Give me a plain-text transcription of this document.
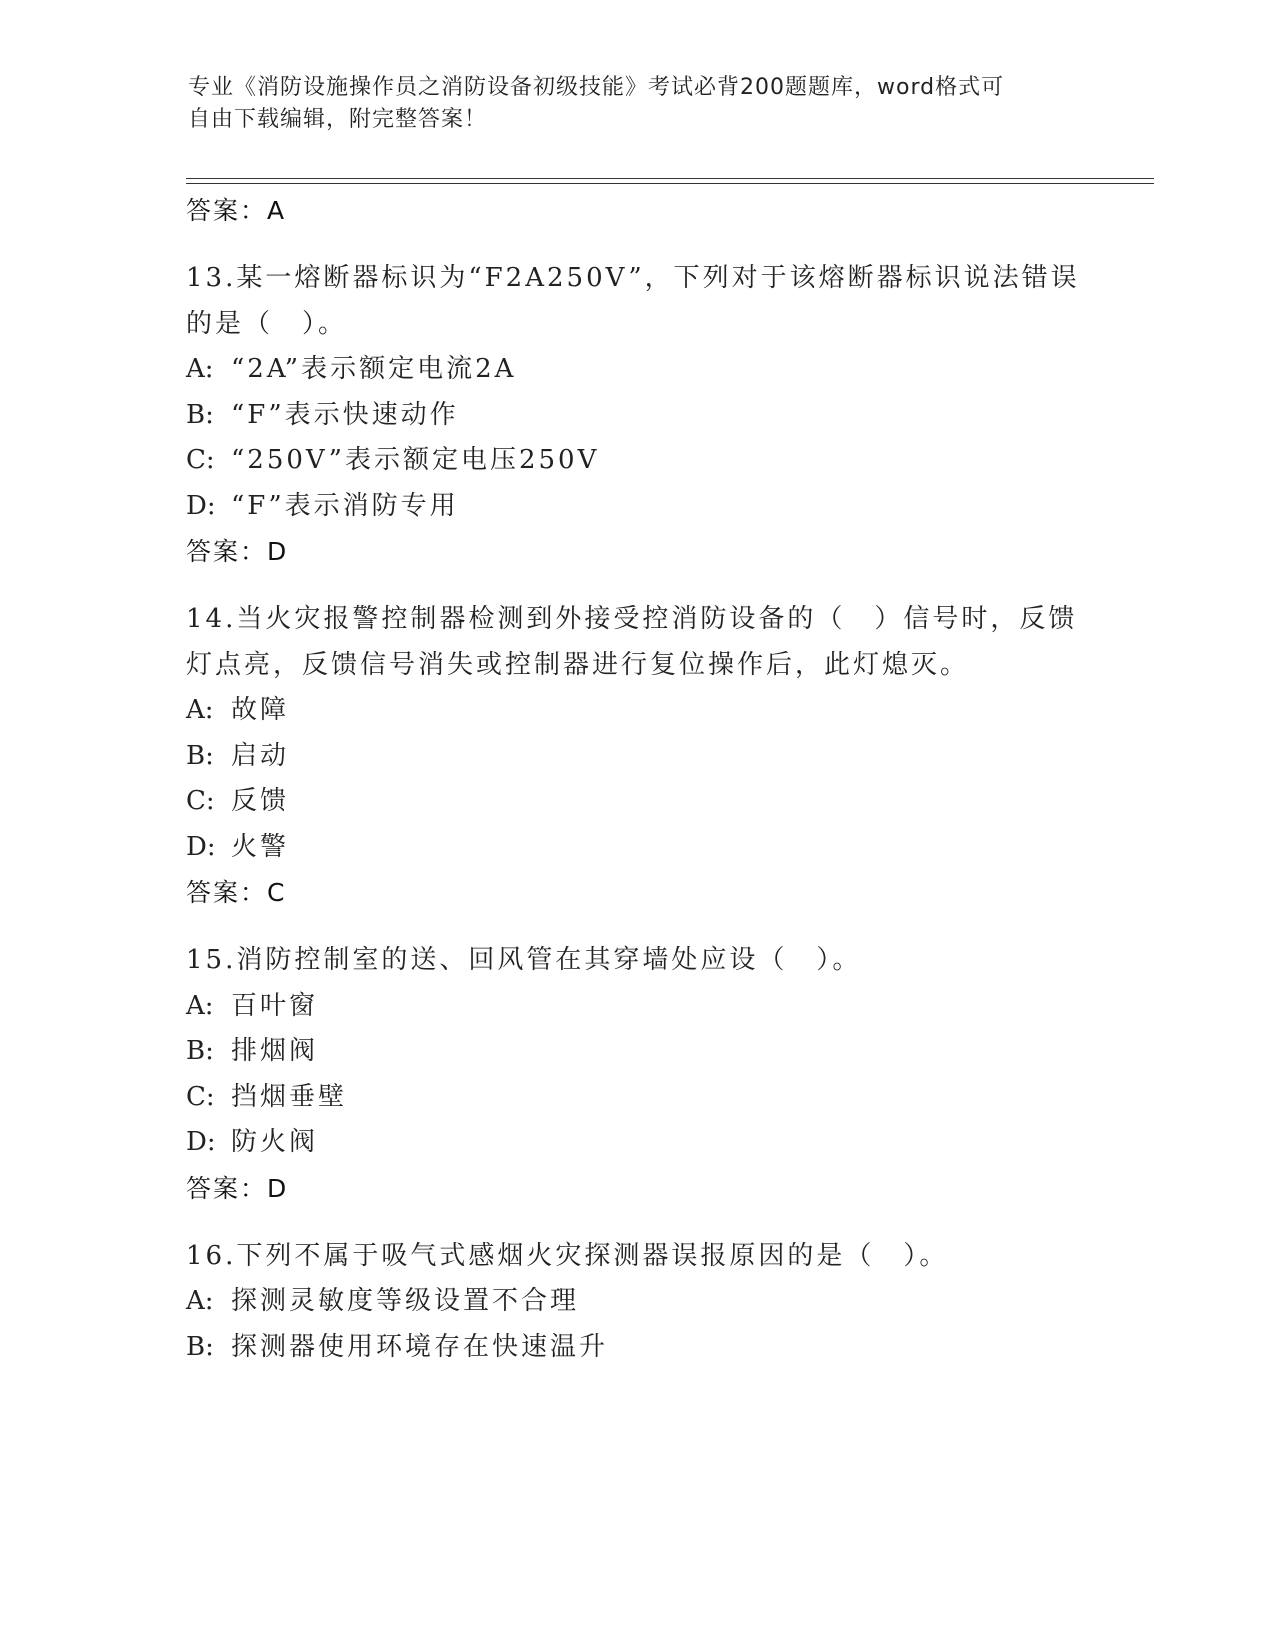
专业《消防设施操作员之消防设备初级技能》考试必背200题题库，word格式可
自由下载编辑，附完整答案！
答案：A
13.某一熔断器标识为“F2A250V”，下列对于该熔断器标识说法错误
的是（　）。
A: “2A”表示额定电流2A
B: “F”表示快速动作
C: “250V”表示额定电压250V
D: “F”表示消防专用
答案：D
14.当火灾报警控制器检测到外接受控消防设备的（　）信号时，反馈
灯点亮，反馈信号消失或控制器进行复位操作后，此灯熄灭。
A: 故障
B: 启动
C: 反馈
D: 火警
答案：C
15.消防控制室的送、回风管在其穿墙处应设（　）。
A: 百叶窗
B: 排烟阀
C: 挡烟垂壁
D: 防火阀
答案：D
16.下列不属于吸气式感烟火灾探测器误报原因的是（　）。
A: 探测灵敏度等级设置不合理
B: 探测器使用环境存在快速温升
